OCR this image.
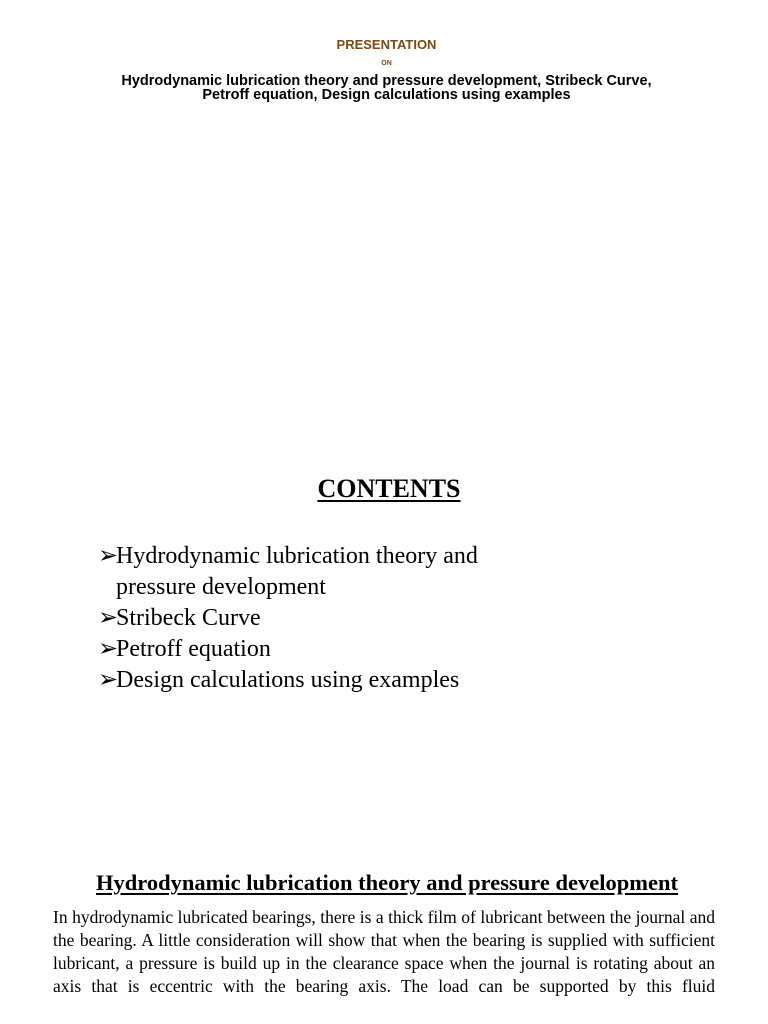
PRESENTATION
ON
Hydrodynamic lubrication theory and pressure development, Stribeck Curve, Petroff equation, Design calculations using examples
CONTENTS
➢Hydrodynamic lubrication theory and pressure development
➢Stribeck Curve
➢Petroff equation
➢Design calculations using examples
Hydrodynamic lubrication theory and pressure development

In hydrodynamic lubricated bearings, there is a thick film of lubricant between the journal and the bearing. A little consideration will show that when the bearing is supplied with sufficient lubricant, a pressure is build up in the clearance space when the journal is rotating about an axis that is eccentric with the bearing axis. The load can be supported by this fluid
